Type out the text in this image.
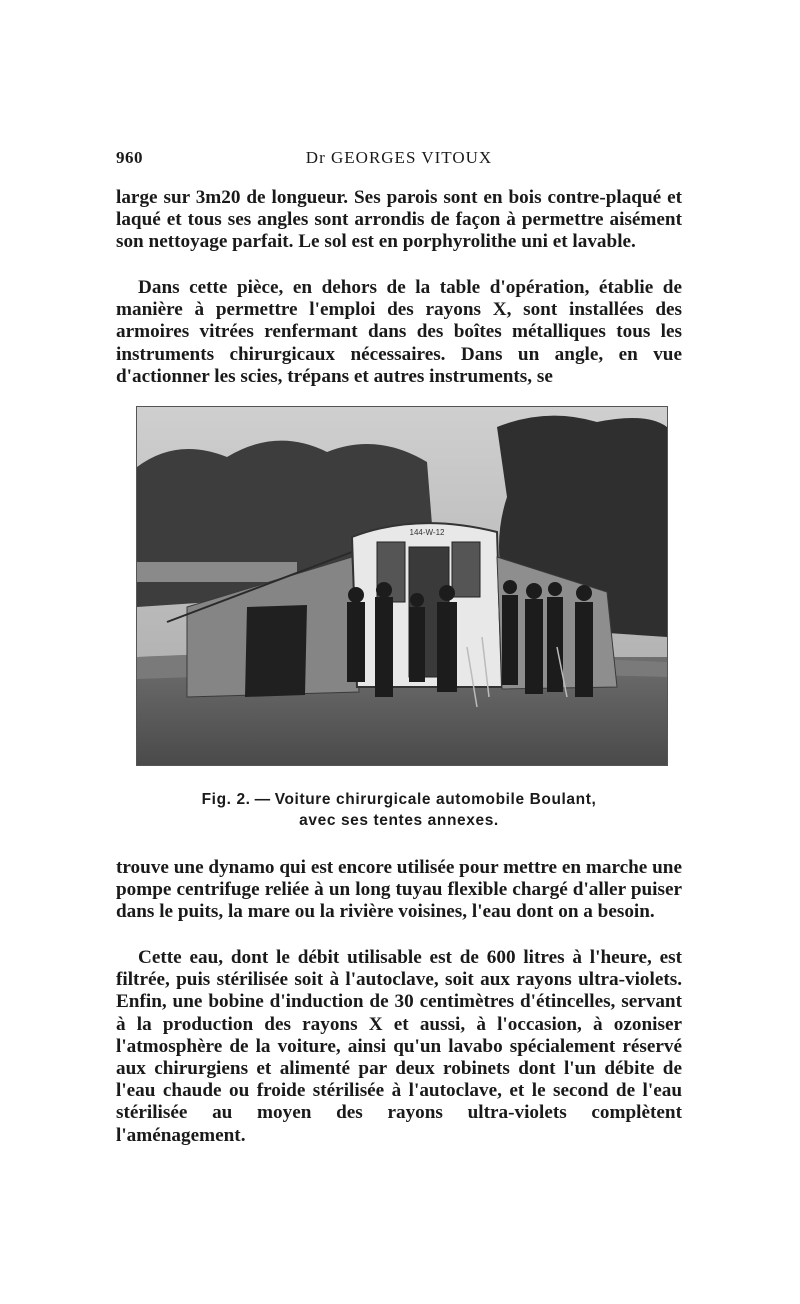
960	Dr GEORGES VITOUX

large sur 3m20 de longueur. Ses parois sont en bois contre-plaqué et laqué et tous ses angles sont arrondis de façon à permettre aisément son nettoyage parfait. Le sol est en porphyrolithe uni et lavable.

Dans cette pièce, en dehors de la table d'opération, établie de manière à permettre l'emploi des rayons X, sont installées des armoires vitrées renfermant dans des boîtes métalliques tous les instruments chirurgicaux nécessaires. Dans un angle, en vue d'actionner les scies, trépans et autres instruments, se

144-W-12
Fig. 2. — Voiture chirurgicale automobile Boulant,
avec ses tentes annexes.

trouve une dynamo qui est encore utilisée pour mettre en marche une pompe centrifuge reliée à un long tuyau flexible chargé d'aller puiser dans le puits, la mare ou la rivière voisines, l'eau dont on a besoin.

Cette eau, dont le débit utilisable est de 600 litres à l'heure, est filtrée, puis stérilisée soit à l'autoclave, soit aux rayons ultra-violets. Enfin, une bobine d'induction de 30 centimètres d'étincelles, servant à la production des rayons X et aussi, à l'occasion, à ozoniser l'atmosphère de la voiture, ainsi qu'un lavabo spécialement réservé aux chirurgiens et alimenté par deux robinets dont l'un débite de l'eau chaude ou froide stérilisée à l'autoclave, et le second de l'eau stérilisée au moyen des rayons ultra-violets complètent l'aménagement.
